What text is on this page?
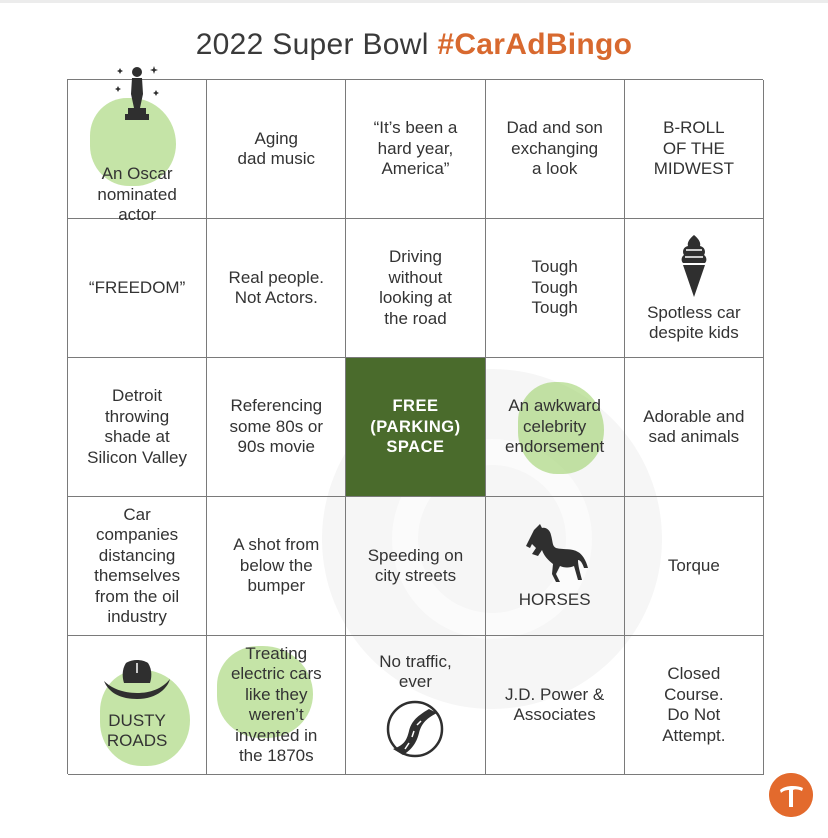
2022 Super Bowl #CarAdBingo
An Oscar
nominated
actor
Aging
dad music
“It’s been a
hard year,
America”
Dad and son
exchanging
a look
B-ROLL
OF THE
MIDWEST
“FREEDOM”
Real people.
Not Actors.
Driving
without
looking at
the road
Tough
Tough
Tough	Spotless car
despite kids
Detroit
throwing
shade at
Silicon Valley
Referencing
some 80s or
90s movie
FREE
(PARKING)
SPACE
An awkward
celebrity
endorsement
Adorable and
sad animals
Car
companies
distancing
themselves
from the oil
industry
A shot from
below the
bumper
Speeding on
city streets
HORSES
Torque
DUSTY
ROADS
Treating
electric cars
like they
weren’t
invented in
the 1870s
No traffic,
ever
J.D. Power &
Associates
Closed
Course.
Do Not
Attempt.
